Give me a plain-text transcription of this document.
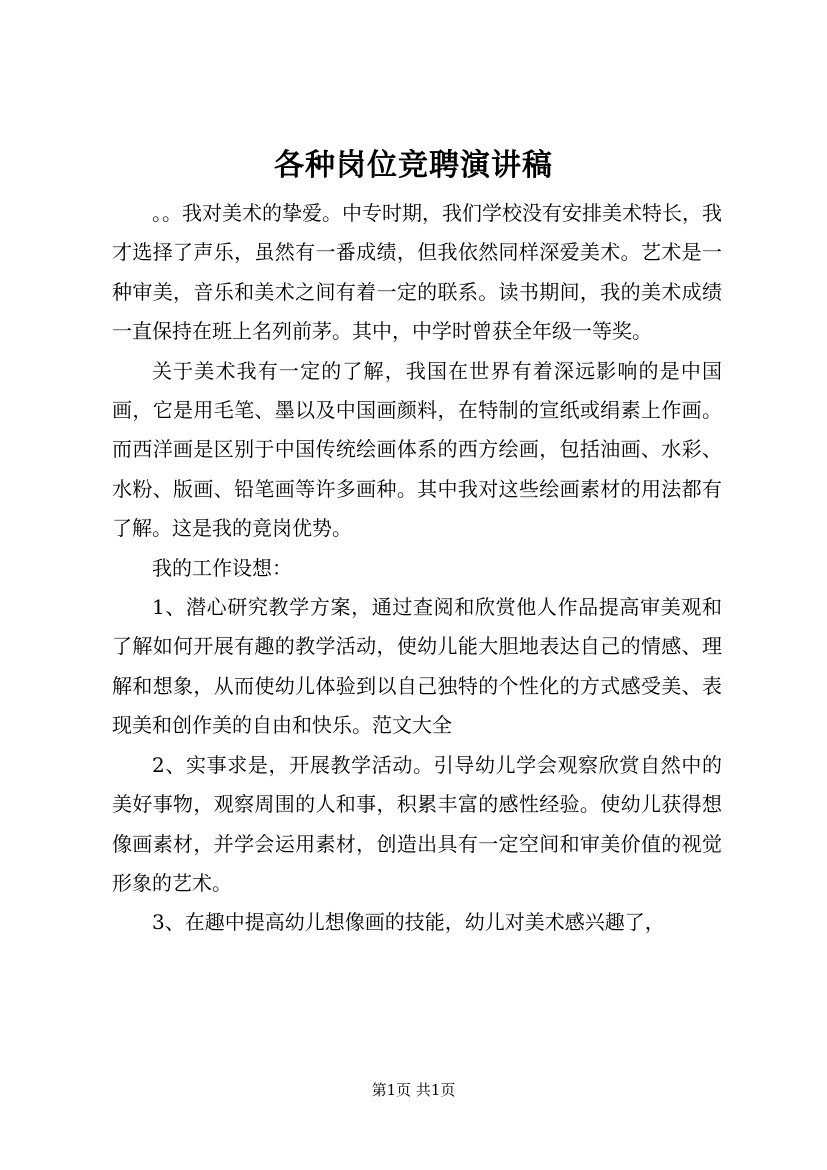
各种岗位竞聘演讲稿

。。我对美术的挚爱。中专时期，我们学校没有安排美术特长，我才选择了声乐，虽然有一番成绩，但我依然同样深爱美术。艺术是一种审美，音乐和美术之间有着一定的联系。读书期间，我的美术成绩一直保持在班上名列前茅。其中，中学时曾获全年级一等奖。

关于美术我有一定的了解，我国在世界有着深远影响的是中国画，它是用毛笔、墨以及中国画颜料，在特制的宣纸或绢素上作画。而西洋画是区别于中国传统绘画体系的西方绘画，包括油画、水彩、水粉、版画、铅笔画等许多画种。其中我对这些绘画素材的用法都有了解。这是我的竟岗优势。

我的工作设想：

1、潜心研究教学方案，通过查阅和欣赏他人作品提高审美观和了解如何开展有趣的教学活动，使幼儿能大胆地表达自己的情感、理解和想象，从而使幼儿体验到以自己独特的个性化的方式感受美、表现美和创作美的自由和快乐。范文大全

2、实事求是，开展教学活动。引导幼儿学会观察欣赏自然中的美好事物，观察周围的人和事，积累丰富的感性经验。使幼儿获得想像画素材，并学会运用素材，创造出具有一定空间和审美价值的视觉形象的艺术。

3、在趣中提高幼儿想像画的技能，幼儿对美术感兴趣了，

第1页 共1页
